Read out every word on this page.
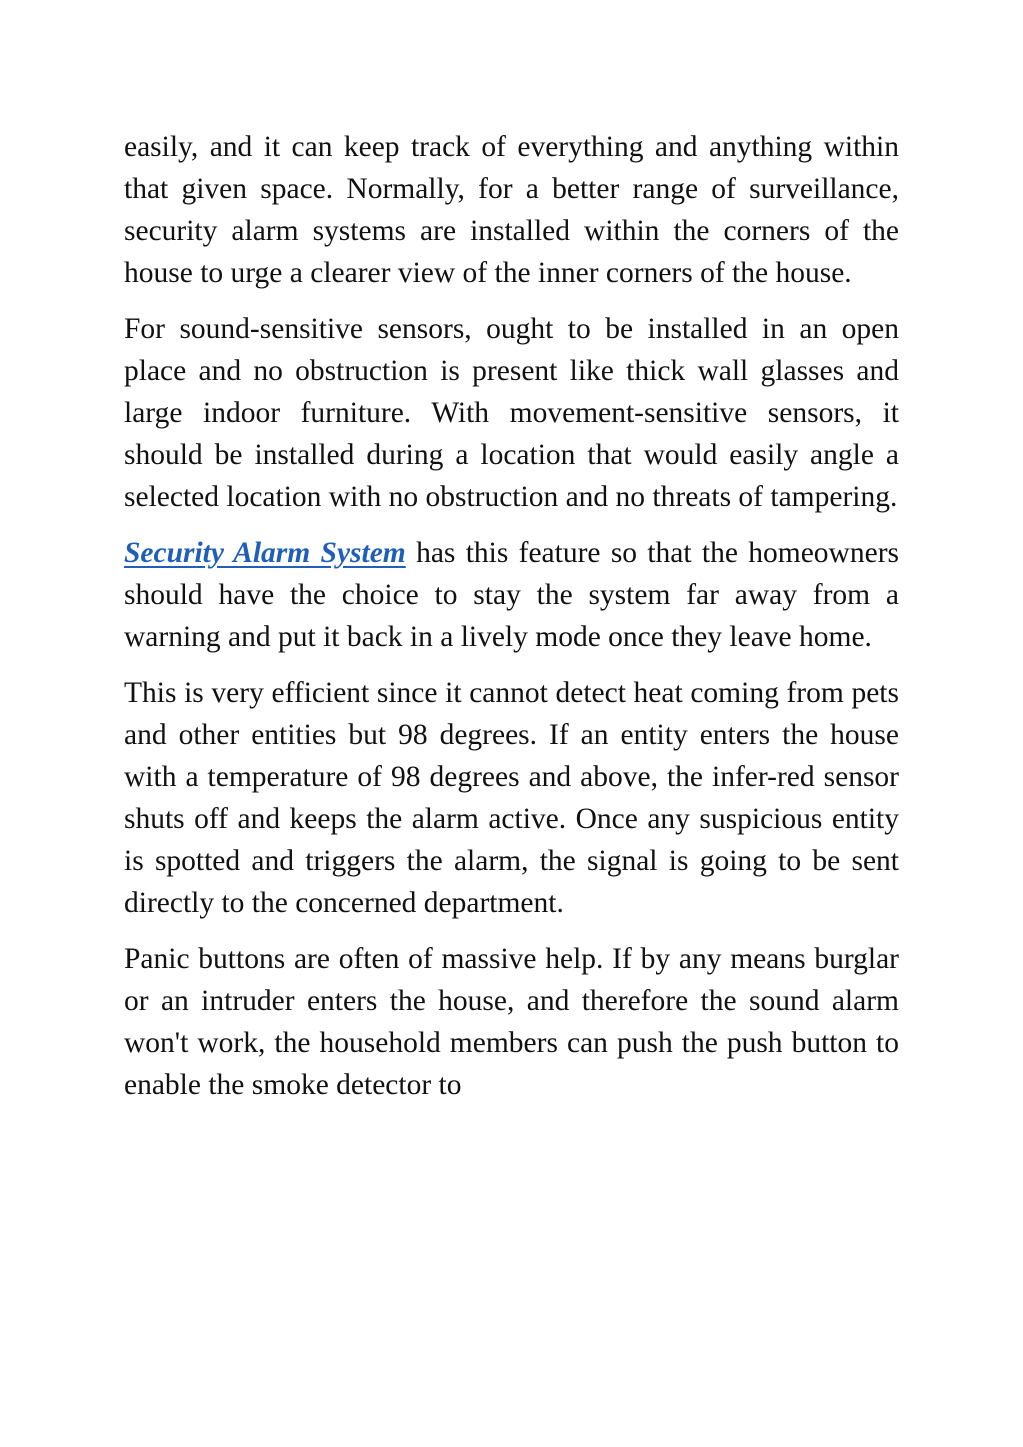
easily, and it can keep track of everything and anything within that given space. Normally, for a better range of surveillance, security alarm systems are installed within the corners of the house to urge a clearer view of the inner corners of the house.

For sound-sensitive sensors, ought to be installed in an open place and no obstruction is present like thick wall glasses and large indoor furniture. With movement-sensitive sensors, it should be installed during a location that would easily angle a selected location with no obstruction and no threats of tampering.

Security Alarm System has this feature so that the homeowners should have the choice to stay the system far away from a warning and put it back in a lively mode once they leave home.

This is very efficient since it cannot detect heat coming from pets and other entities but 98 degrees. If an entity enters the house with a temperature of 98 degrees and above, the infer-red sensor shuts off and keeps the alarm active. Once any suspicious entity is spotted and triggers the alarm, the signal is going to be sent directly to the concerned department.

Panic buttons are often of massive help. If by any means burglar or an intruder enters the house, and therefore the sound alarm won't work, the household members can push the push button to enable the smoke detector to
